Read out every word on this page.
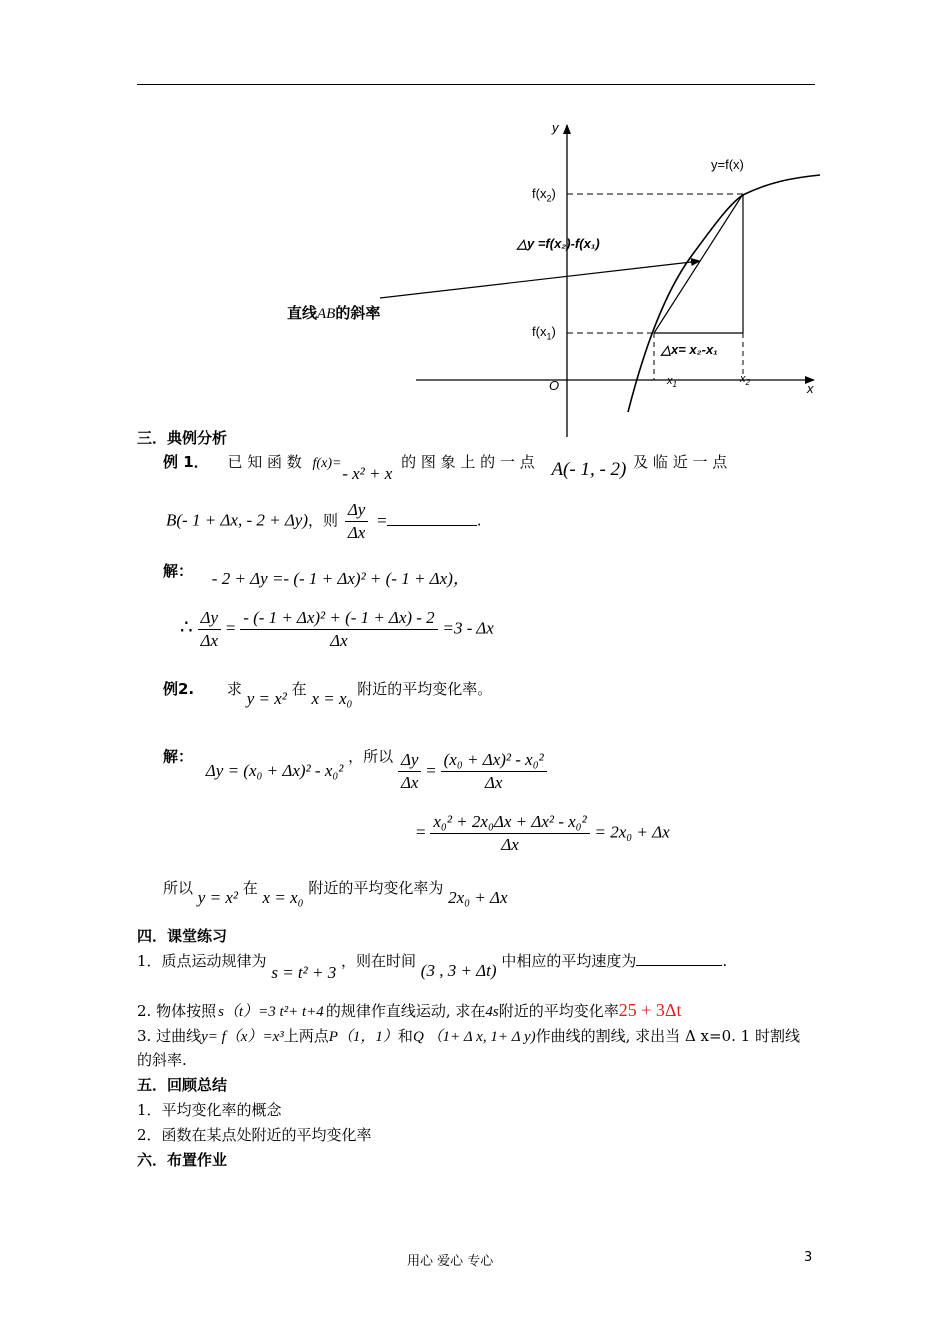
y
x
O
y=f(x)
$f(x_2)$
$f(x_1)$
△y =f(x₂)-f(x₁)
△x= x₂-x₁
$x_1$	$x_2$
直线AB的斜率
三．典例分析
例 1． 已 知 函 数 f(x)= - x² + x 的 图 象 上 的 一 点 A(- 1, - 2) 及 临 近 一 点
B(- 1 + Δx, - 2 + Δy)，则 $\frac{\Delta y}{\Delta x}$ =	.
解： - 2 + Δy =- (- 1 + Δx)² + (- 1 + Δx)，
∴ $\frac{\Delta y}{\Delta x} = \frac{\text{- (- 1 + Δx)² + (- 1 + Δx) - 2}}{\Delta x} =3 - \Delta x$
例2. 求 y = x² 在 x = x₀ 附近的平均变化率。
解： Δy = (x₀ + Δx)² - x₀² ，所以 $\frac{\Delta y}{\Delta x} = \frac{\text{(x₀ + Δx)² - x₀²}}{\Delta x}$
= $\frac{\text{x₀² + 2x₀Δx + Δx² - x₀²}}{\Delta x} = 2x_0 + \Delta x$
所以 y = x² 在 x = x₀ 附近的平均变化率为 2x₀ + Δx
四．课堂练习
1．质点运动规律为 s = t² + 3 ，则在时间 (3 , 3 + Δt) 中相应的平均速度为	.
2. 物体按照 s（t）=3 t²+ t+4 的规律作直线运动, 求在4s附近的平均变化率25 + 3Δt
3. 过曲线y= f（x）=x³上两点P（1，1）和Q （1+ Δ x, 1+ Δ y)作曲线的割线, 求出当 Δ x=0. 1 时割线
的斜率.
五．回顾总结
1．平均变化率的概念
2．函数在某点处附近的平均变化率
六．布置作业
用心 爱心 专心	3
